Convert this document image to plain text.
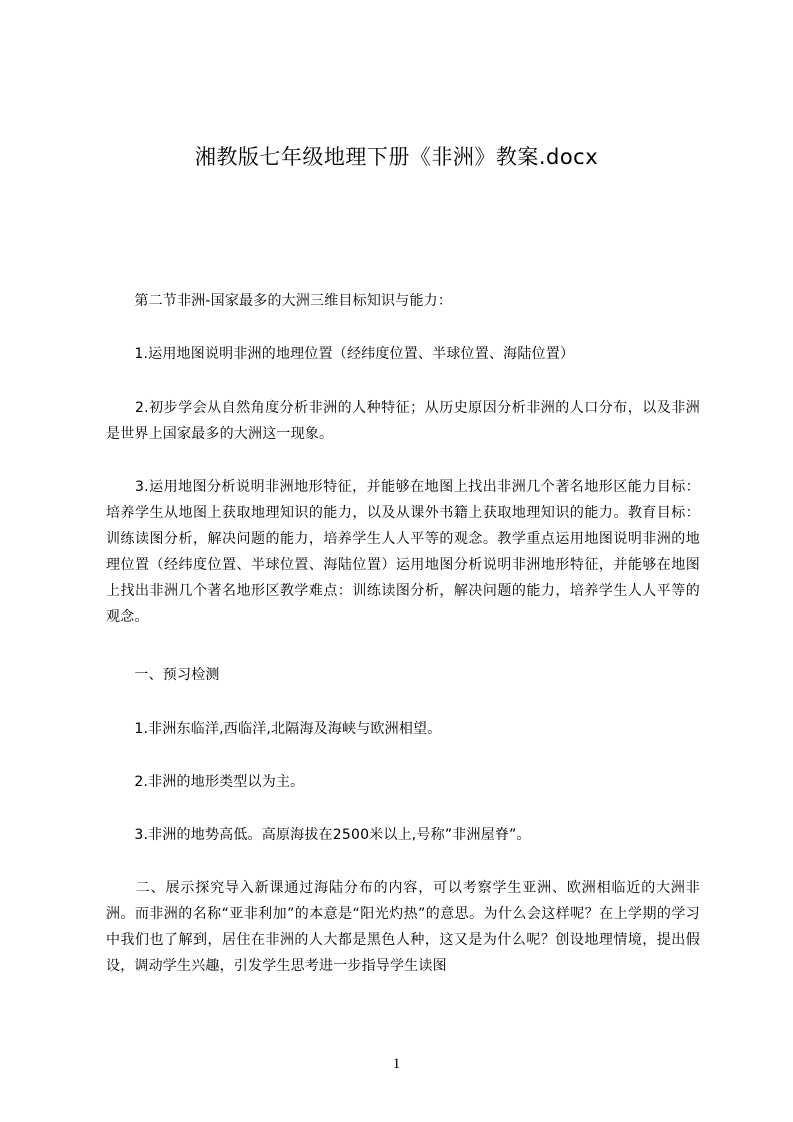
湘教版七年级地理下册《非洲》教案.docx

　　第二节非洲-国家最多的大洲三维目标知识与能力：

　　1.运用地图说明非洲的地理位置（经纬度位置、半球位置、海陆位置）

　　2.初步学会从自然角度分析非洲的人种特征；从历史原因分析非洲的人口分布，以及非洲是世界上国家最多的大洲这一现象。

　　3.运用地图分析说明非洲地形特征，并能够在地图上找出非洲几个著名地形区能力目标：培养学生从地图上获取地理知识的能力，以及从课外书籍上获取地理知识的能力。教育目标：训练读图分析，解决问题的能力，培养学生人人平等的观念。教学重点运用地图说明非洲的地理位置（经纬度位置、半球位置、海陆位置）运用地图分析说明非洲地形特征，并能够在地图上找出非洲几个著名地形区教学难点：训练读图分析，解决问题的能力，培养学生人人平等的观念。

　　一、预习检测

　　1.非洲东临洋,西临洋,北隔海及海峡与欧洲相望。

　　2.非洲的地形类型以为主。

　　3.非洲的地势高低。高原海拔在2500米以上,号称”非洲屋脊”。

　　二、展示探究导入新课通过海陆分布的内容，可以考察学生亚洲、欧洲相临近的大洲非洲。而非洲的名称“亚非利加”的本意是“阳光灼热”的意思。为什么会这样呢？在上学期的学习中我们也了解到，居住在非洲的人大都是黑色人种，这又是为什么呢？创设地理情境，提出假设，调动学生兴趣，引发学生思考进一步指导学生读图

1
